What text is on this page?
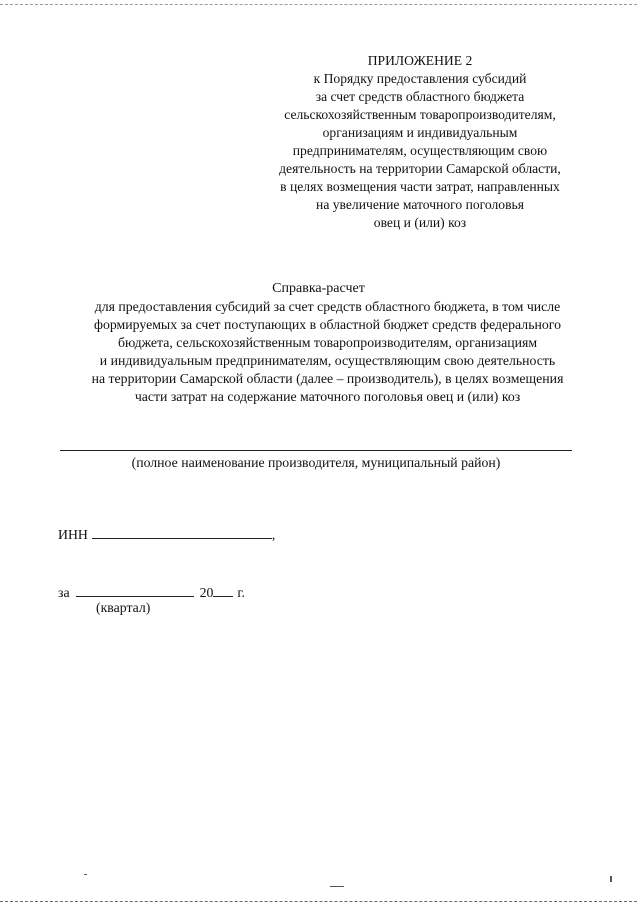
ПРИЛОЖЕНИЕ 2
к Порядку предоставления субсидий
за счет средств областного бюджета
сельскохозяйственным товаропроизводителям,
организациям и индивидуальным
предпринимателям, осуществляющим свою
деятельность на территории Самарской области,
в целях возмещения части затрат, направленных
на увеличение маточного поголовья
овец и (или) коз
Справка-расчет
для предоставления субсидий за счет средств областного бюджета, в том числе
формируемых за счет поступающих в областной бюджет средств федерального
бюджета, сельскохозяйственным товаропроизводителям, организациям
и индивидуальным предпринимателям, осуществляющим свою деятельность
на территории Самарской области (далее – производитель), в целях возмещения
части затрат на содержание маточного поголовья овец и (или) коз
(полное наименование производителя, муниципальный район)
ИНН	,
за	20 г.
(квартал)
